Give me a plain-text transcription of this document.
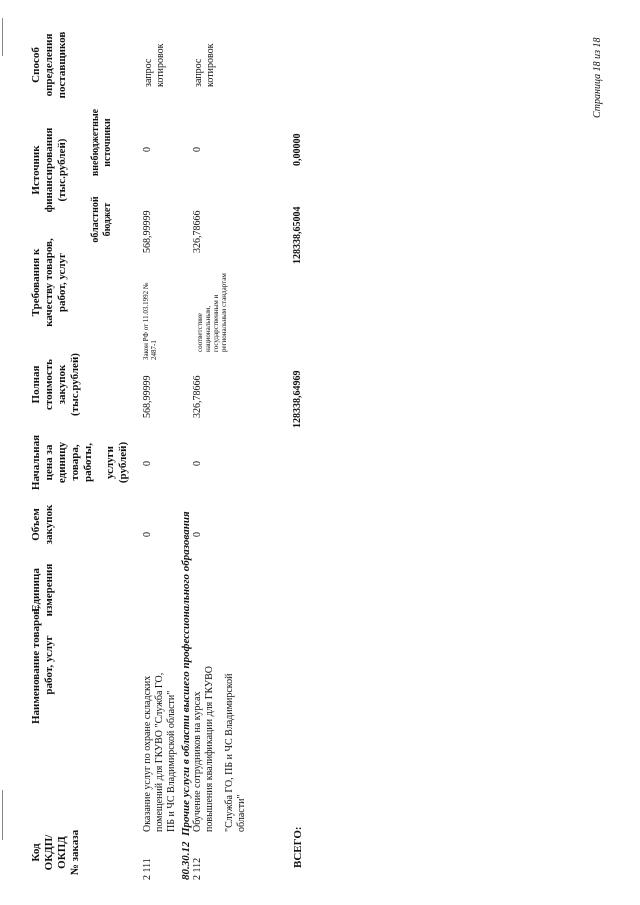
Код ОКДП/ ОКПД № заказа
Наименование товаров, работ, услуг
Единица измерения
Объем закупок
Начальная цена за единицу товара, работы, услуги (рублей)
Полная стоимость закупок (тыс.рублей)
Требования к качеству товаров, работ, услуг
Источник финансирования (тыс.рублей)
областной бюджет
внебюджетные источники
Способ определения поставщиков
2 111
Оказание услуг по охране складских помещений для ГКУВО "Служба ГО, ПБ и ЧС Владимирской области"
0
0
568,99999
Закон РФ от 11.03.1992 № 2487-1
568,99999
0
запрос котировок
80.30.12  Прочие услуги в области высшего профессионального образования
2 112
Обучение сотрудников на курсах повышения квалификации для ГКУВО "Служба ГО, ПБ и ЧС Владимирской области"
0
0
326,78666
соответствие национальным, государственным и региональным стандартам
326,78666
0
запрос котировок
ВСЕГО:
128338,64969
128338,65004
0,00000
Страница 18 из 18
